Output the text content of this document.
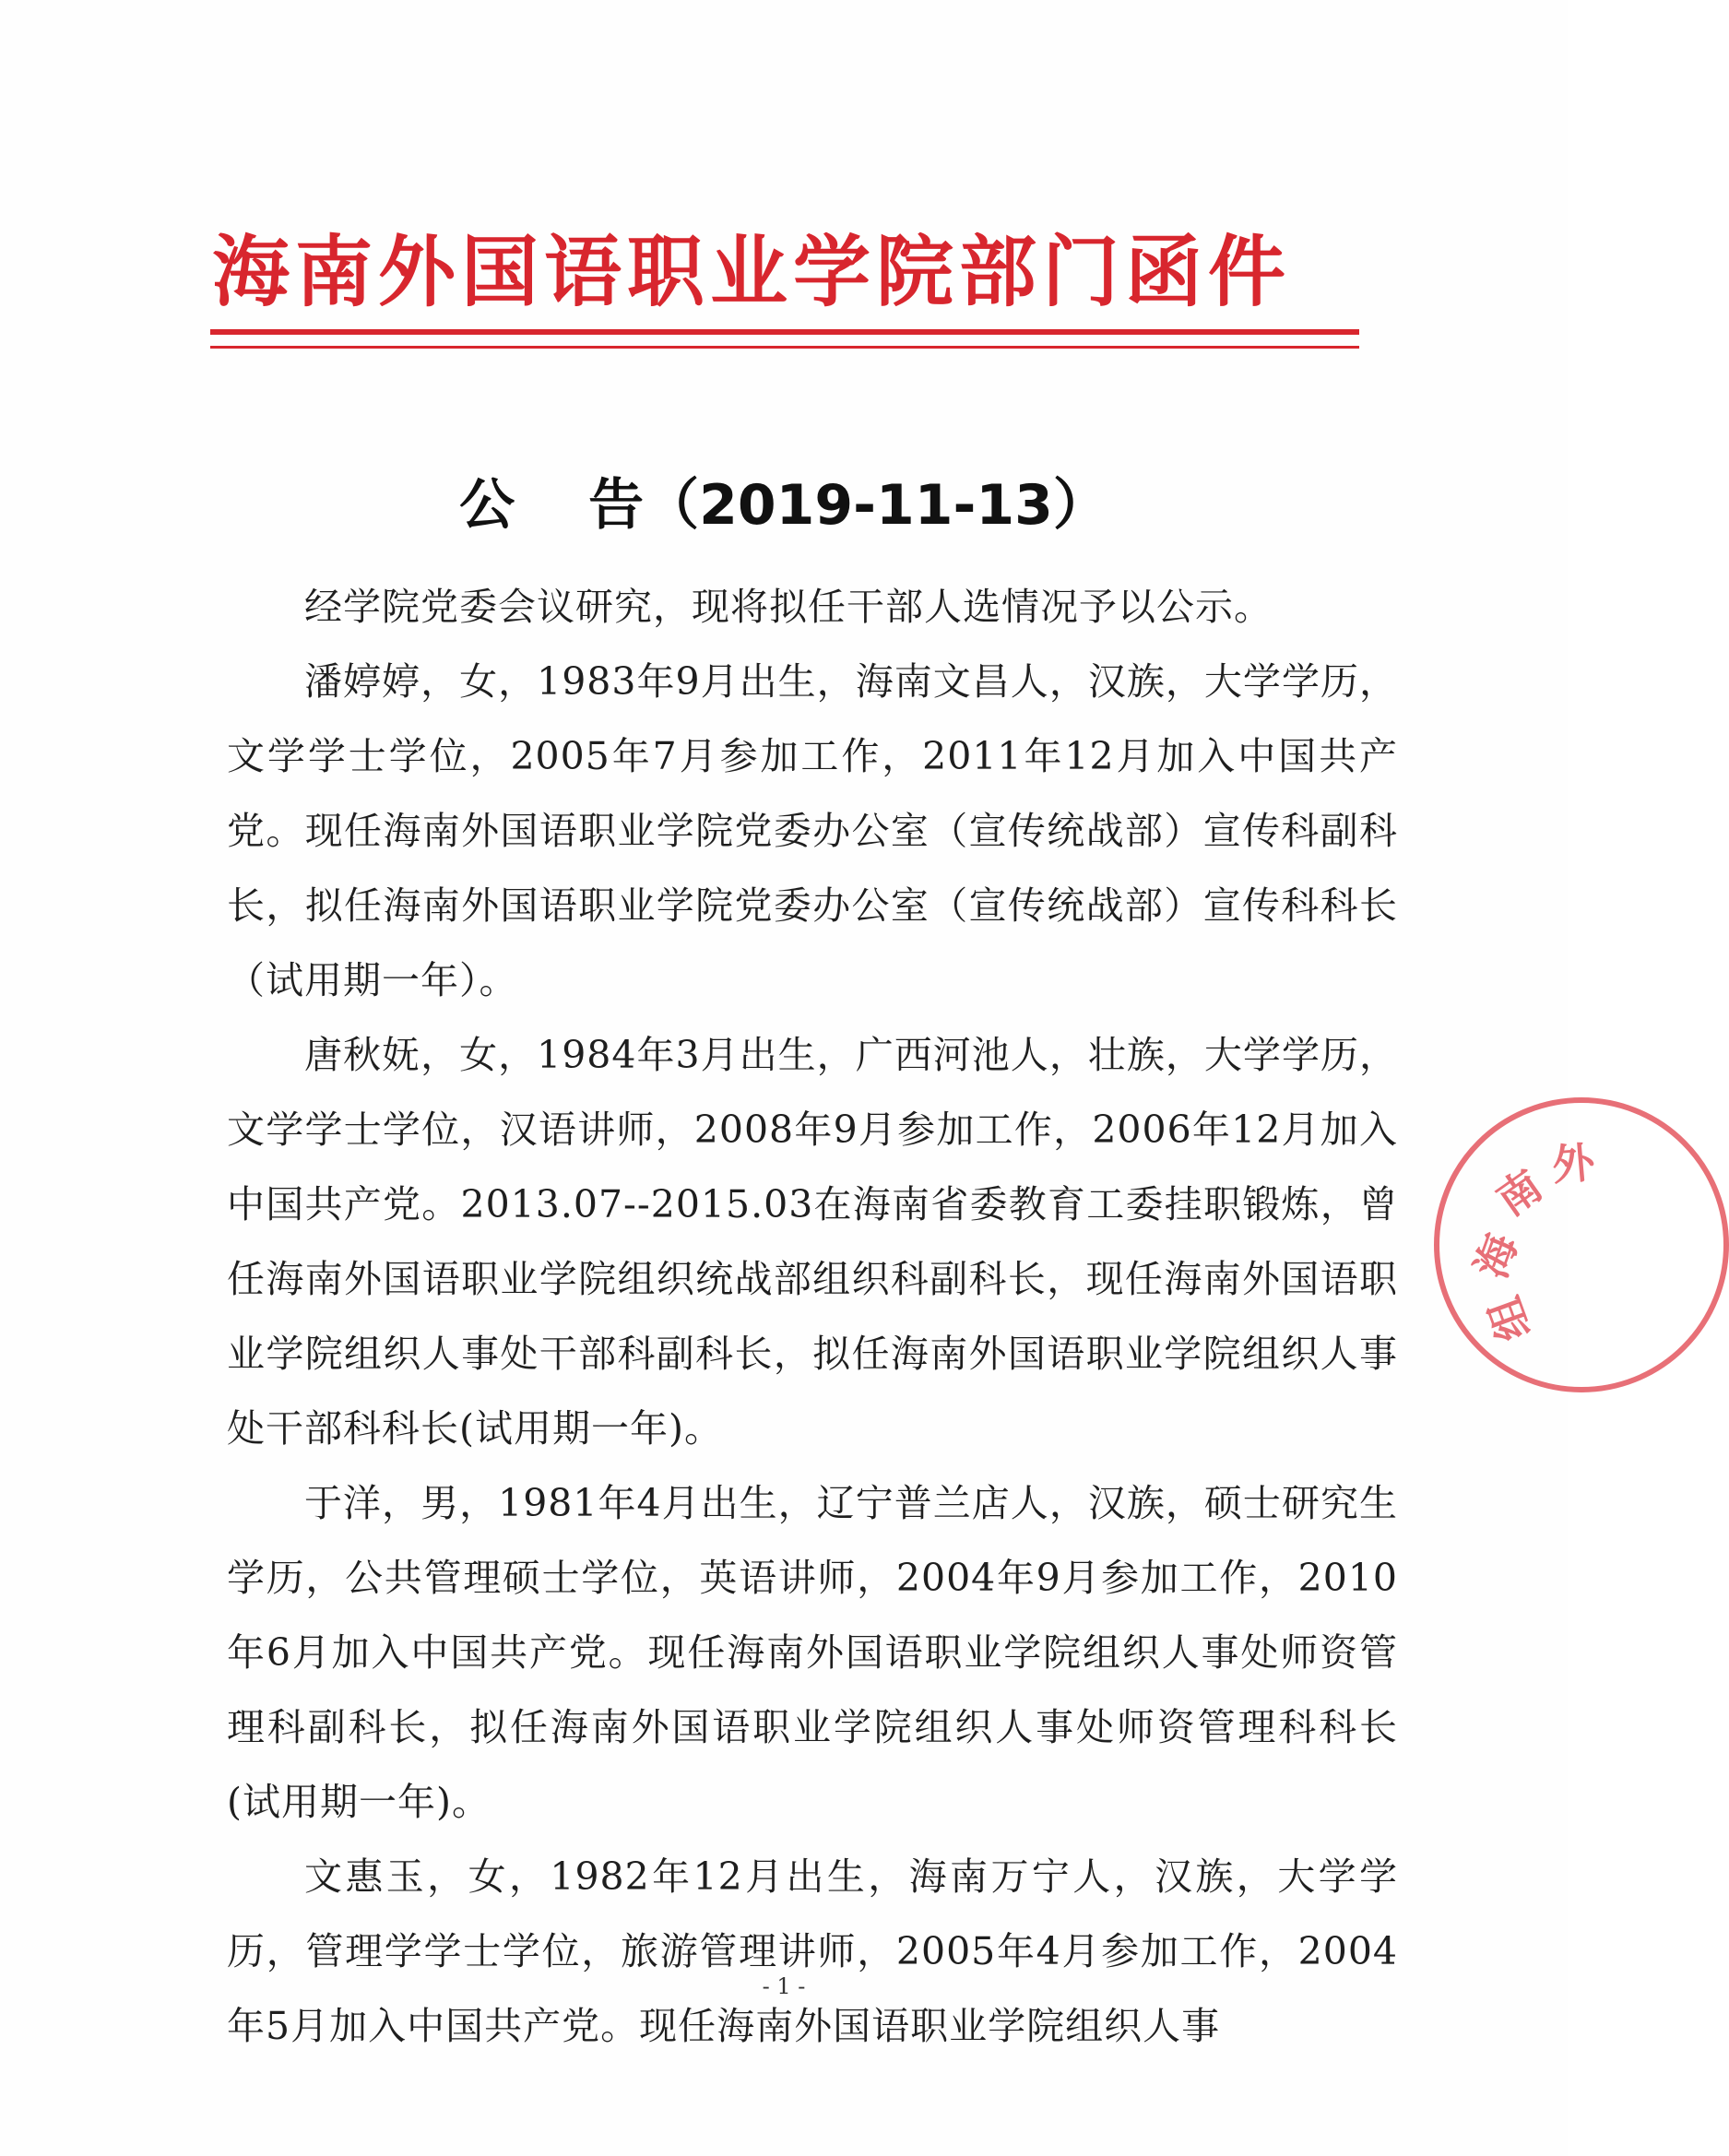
海南外国语职业学院部门函件
公 告（2019-11-13）

经学院党委会议研究，现将拟任干部人选情况予以公示。

潘婷婷，女，1983年9月出生，海南文昌人，汉族，大学学历，文学学士学位，2005年7月参加工作，2011年12月加入中国共产党。现任海南外国语职业学院党委办公室（宣传统战部）宣传科副科长，拟任海南外国语职业学院党委办公室（宣传统战部）宣传科科长（试用期一年）。

唐秋妩，女，1984年3月出生，广西河池人，壮族，大学学历，文学学士学位，汉语讲师，2008年9月参加工作，2006年12月加入中国共产党。2013.07--2015.03在海南省委教育工委挂职锻炼，曾任海南外国语职业学院组织统战部组织科副科长，现任海南外国语职业学院组织人事处干部科副科长，拟任海南外国语职业学院组织人事处干部科科长(试用期一年)。

于洋，男，1981年4月出生，辽宁普兰店人，汉族，硕士研究生学历，公共管理硕士学位，英语讲师，2004年9月参加工作，2010年6月加入中国共产党。现任海南外国语职业学院组织人事处师资管理科副科长，拟任海南外国语职业学院组织人事处师资管理科科长(试用期一年)。

文惠玉，女，1982年12月出生，海南万宁人，汉族，大学学历，管理学学士学位，旅游管理讲师，2005年4月参加工作，2004年5月加入中国共产党。现任海南外国语职业学院组织人事

海
南
外
组
- 1 -
